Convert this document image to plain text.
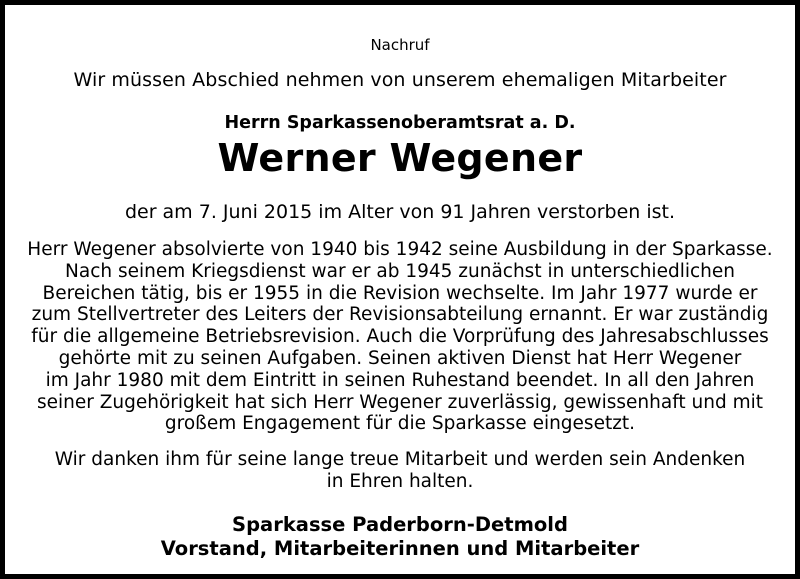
Nachruf

Wir müssen Abschied nehmen von unserem ehemaligen Mitarbeiter

Herrn Sparkassenoberamtsrat a. D.

Werner Wegener

der am 7. Juni 2015 im Alter von 91 Jahren verstorben ist.

Herr Wegener absolvierte von 1940 bis 1942 seine Ausbildung in der Sparkasse.
Nach seinem Kriegsdienst war er ab 1945 zunächst in unterschiedlichen
Bereichen tätig, bis er 1955 in die Revision wechselte. Im Jahr 1977 wurde er
zum Stellvertreter des Leiters der Revisionsabteilung ernannt. Er war zuständig
für die allgemeine Betriebsrevision. Auch die Vorprüfung des Jahresabschlusses
gehörte mit zu seinen Aufgaben. Seinen aktiven Dienst hat Herr Wegener
im Jahr 1980 mit dem Eintritt in seinen Ruhestand beendet. In all den Jahren
seiner Zugehörigkeit hat sich Herr Wegener zuverlässig, gewissenhaft und mit
großem Engagement für die Sparkasse eingesetzt.
Wir danken ihm für seine lange treue Mitarbeit und werden sein Andenken
in Ehren halten.

Sparkasse Paderborn-Detmold

Vorstand, Mitarbeiterinnen und Mitarbeiter
